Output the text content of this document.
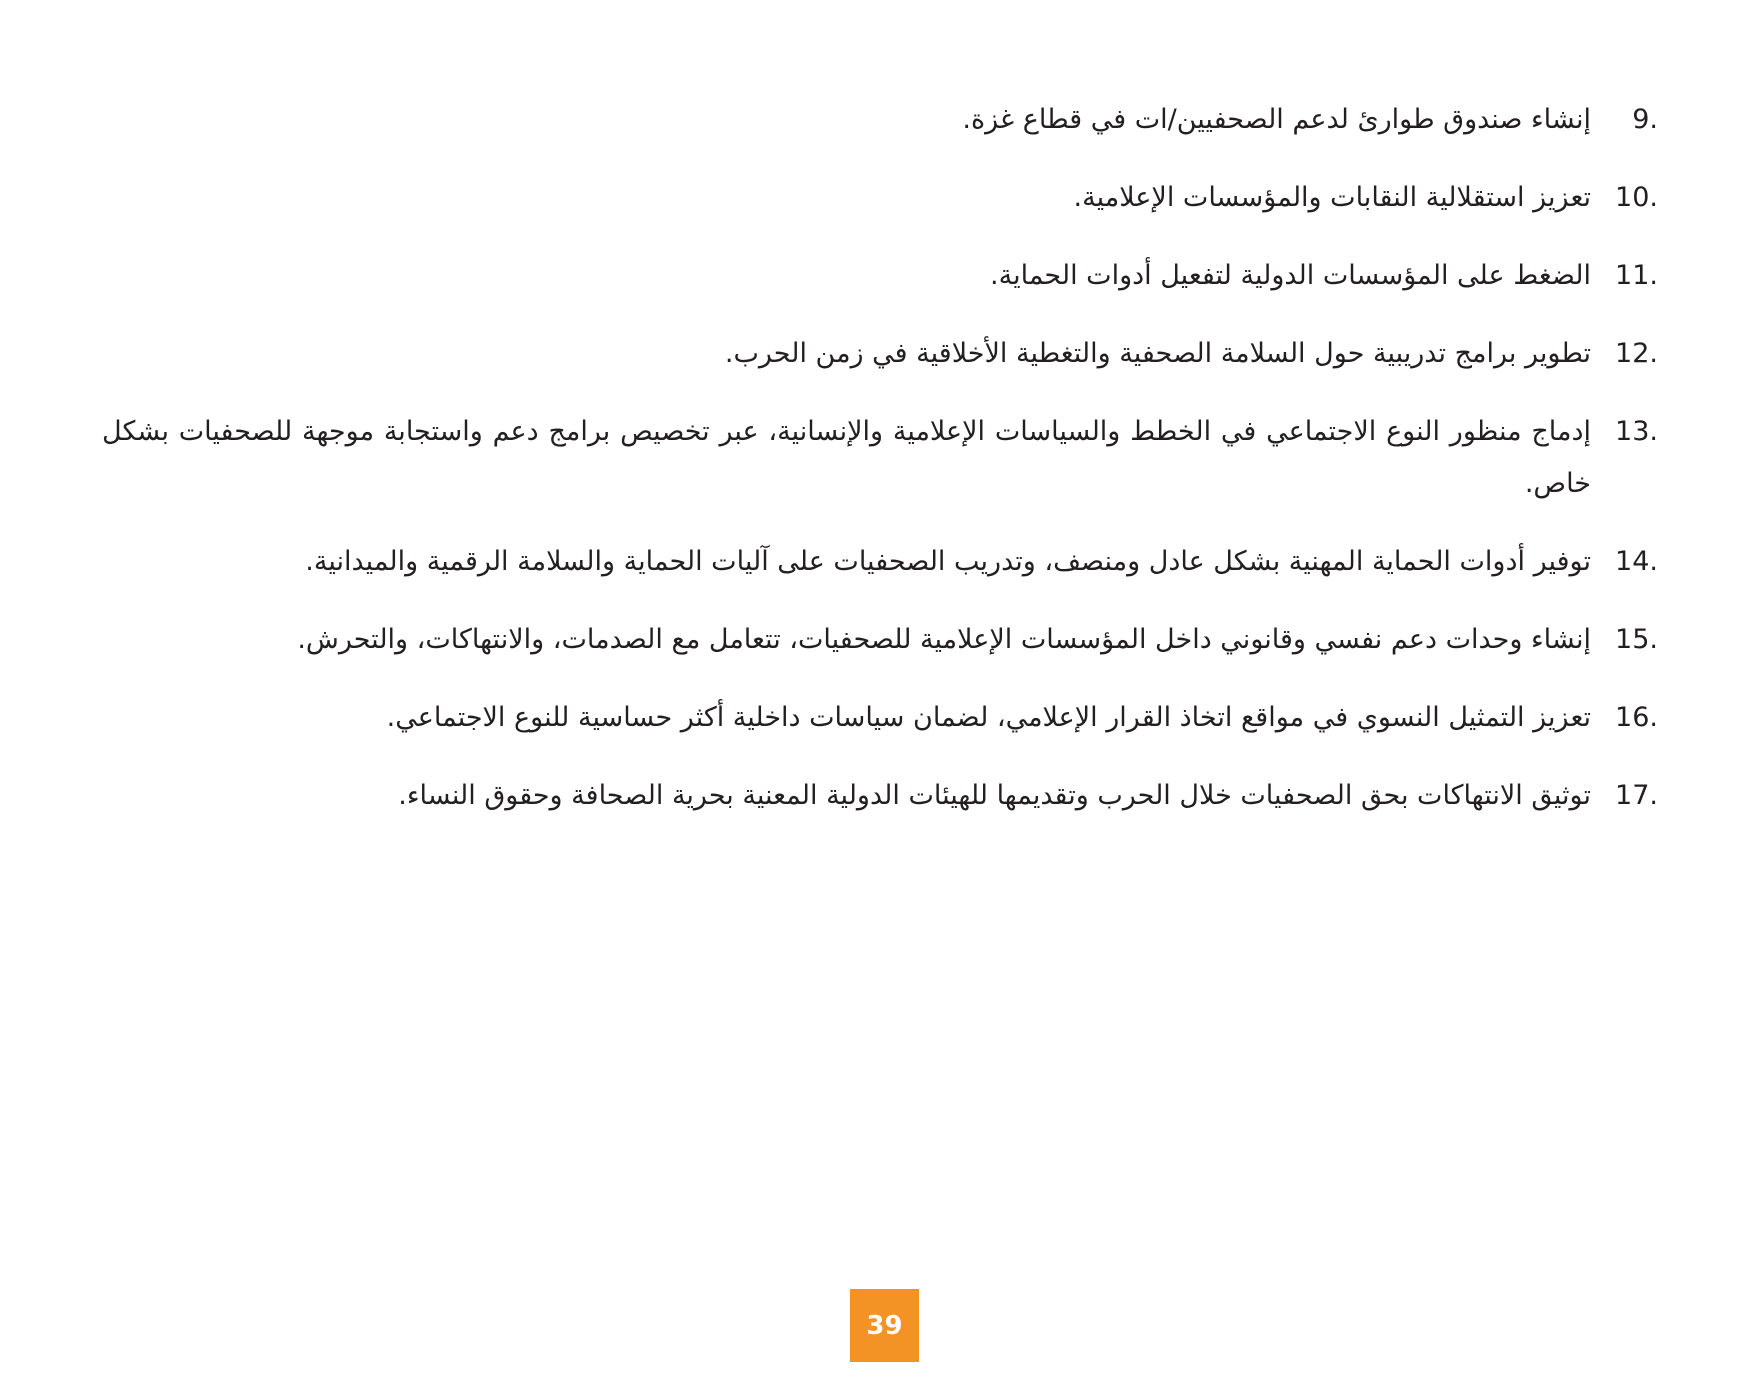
.9
إنشاء صندوق طوارئ لدعم الصحفيين/ات في قطاع غزة.
.10
تعزيز استقلالية النقابات والمؤسسات الإعلامية.
.11
الضغط على المؤسسات الدولية لتفعيل أدوات الحماية.
.12
تطوير برامج تدريبية حول السلامة الصحفية والتغطية الأخلاقية في زمن الحرب.
.13
إدماج منظور النوع الاجتماعي في الخطط والسياسات الإعلامية والإنسانية، عبر تخصيص برامج دعم واستجابة موجهة للصحفيات بشكل خاص.
.14
توفير أدوات الحماية المهنية بشكل عادل ومنصف، وتدريب الصحفيات على آليات الحماية والسلامة الرقمية والميدانية.
.15
إنشاء وحدات دعم نفسي وقانوني داخل المؤسسات الإعلامية للصحفيات، تتعامل مع الصدمات، والانتهاكات، والتحرش.
.16
تعزيز التمثيل النسوي في مواقع اتخاذ القرار الإعلامي، لضمان سياسات داخلية أكثر حساسية للنوع الاجتماعي.
.17
توثيق الانتهاكات بحق الصحفيات خلال الحرب وتقديمها للهيئات الدولية المعنية بحرية الصحافة وحقوق النساء.
39
